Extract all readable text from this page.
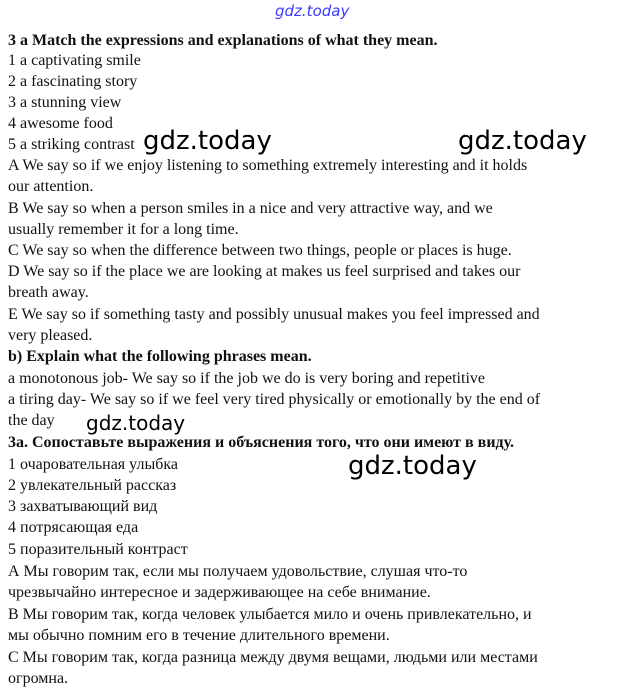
gdz.today
3 a Match the expressions and explanations of what they mean.
1 a captivating smile
2 a fascinating story
3 a stunning view
4 awesome food
5 a striking contrast
A We say so if we enjoy listening to something extremely interesting and it holds
our attention.
B We say so when a person smiles in a nice and very attractive way, and we
usually remember it for a long time.
C We say so when the difference between two things, people or places is huge.
D We say so if the place we are looking at makes us feel surprised and takes our
breath away.
E We say so if something tasty and possibly unusual makes you feel impressed and
very pleased.
b) Explain what the following phrases mean.
a monotonous job- We say so if the job we do is very boring and repetitive
a tiring day- We say so if we feel very tired physically or emotionally by the end of
the day
3а. Сопоставьте выражения и объяснения того, что они имеют в виду.
1 очаровательная улыбка
2 увлекательный рассказ
3 захватывающий вид
4 потрясающая еда
5 поразительный контраст
А Мы говорим так, если мы получаем удовольствие, слушая что-то
чрезвычайно интересное и задерживающее на себе внимание.
В Мы говорим так, когда человек улыбается мило и очень привлекательно, и
мы обычно помним его в течение длительного времени.
С Мы говорим так, когда разница между двумя вещами, людьми или местами
огромна.
gdz.today	gdz.today
gdz.today
gdz.today
